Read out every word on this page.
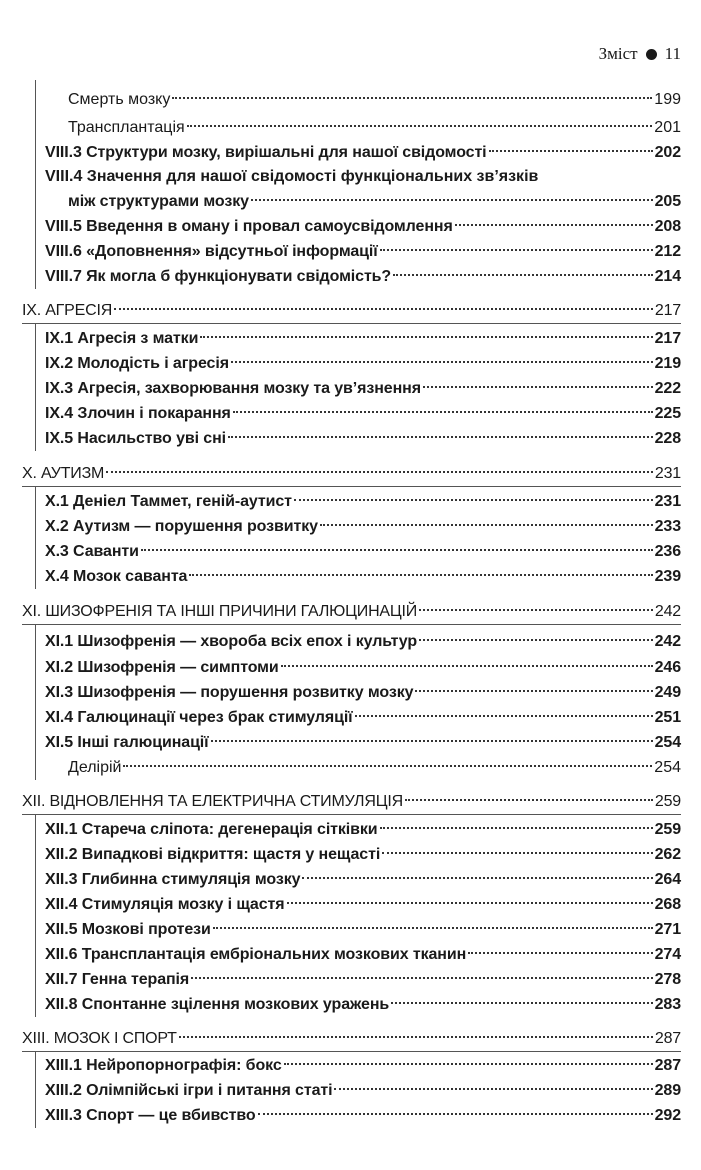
Зміст 11
Смерть мозку	199
Трансплантація	201
VIII.3 Структури мозку, вирішальні для нашої свідомості	202
VIII.4 Значення для нашої свідомості функціональних зв’язків
між структурами мозку	205
VIII.5 Введення в оману і провал самоусвідомлення	208
VIII.6 «Доповнення» відсутньої інформації	212
VIII.7 Як могла б функціонувати свідомість?	214
IX. АГРЕСІЯ	217
IX.1 Агресія з матки	217
IX.2 Молодість і агресія	219
IX.3 Агресія, захворювання мозку та ув’язнення	222
IX.4 Злочин і покарання	225
IX.5 Насильство уві сні	228
X. АУТИЗМ	231
X.1 Деніел Таммет, геній-аутист	231
X.2 Аутизм — порушення розвитку	233
X.3 Саванти	236
X.4 Мозок саванта	239
XI. ШИЗОФРЕНІЯ ТА ІНШІ ПРИЧИНИ ГАЛЮЦИНАЦІЙ	242
XI.1 Шизофренія — хвороба всіх епох і культур	242
XI.2 Шизофренія — симптоми	246
XI.3 Шизофренія — порушення розвитку мозку	249
XI.4 Галюцинації через брак стимуляції	251
XI.5 Інші галюцинації	254
Делірій	254
XII. ВІДНОВЛЕННЯ ТА ЕЛЕКТРИЧНА СТИМУЛЯЦІЯ	259
XII.1 Стареча сліпота: дегенерація сітківки	259
XII.2 Випадкові відкриття: щастя у нещасті	262
XII.3 Глибинна стимуляція мозку	264
XII.4 Стимуляція мозку і щастя	268
XII.5 Мозкові протези	271
XII.6 Трансплантація ембріональних мозкових тканин	274
XII.7 Генна терапія	278
XII.8 Спонтанне зцілення мозкових уражень	283
XIII. МОЗОК І СПОРТ	287
XIII.1 Нейропорнографія: бокс	287
XIII.2 Олімпійські ігри і питання статі	289
XIII.3 Спорт — це вбивство	292
